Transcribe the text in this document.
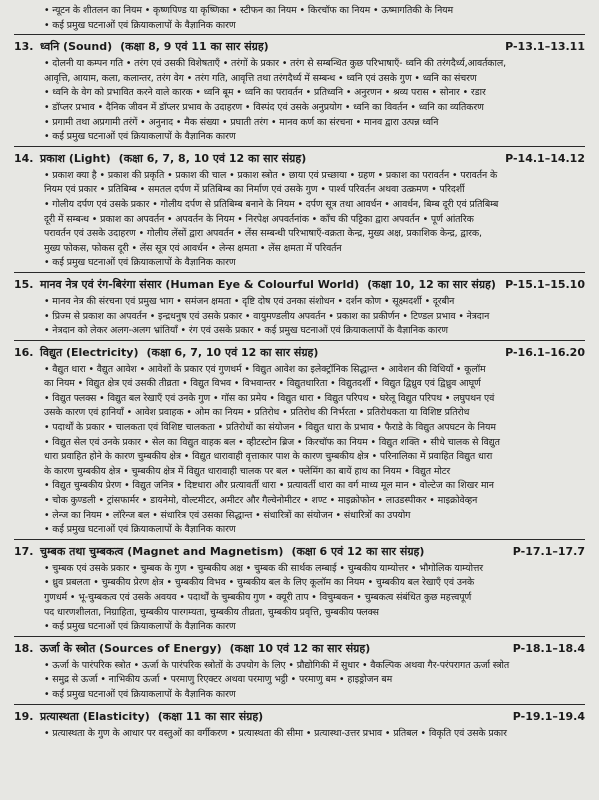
• न्यूटन के शीतलन का नियम • कृष्णपिण्ड या कृष्णिका • स्टीफन का नियम • किरचॉफ का नियम • ऊष्मागतिकी के नियम
• कई प्रमुख घटनाओं एवं क्रियाकलापों के वैज्ञानिक कारण
13. ध्वनि (Sound) (कक्षा 8, 9 एवं 11 का सार संग्रह)	P-13.1–13.11
• दोलनी या कम्पन गति • तरंग एवं उसकी विशेषताएँ • तरंगों के प्रकार • तरंग से सम्बन्धित कुछ परिभाषाएँ- ध्वनि की तरंगदैर्ध्य,आवर्तकाल,
आवृत्ति, आयाम, कला, कलान्तर, तरंग वेग • तरंग गति, आवृत्ति तथा तरंगदैर्ध्य में सम्बन्ध • ध्वनि एवं उसके गुण • ध्वनि का संचरण
• ध्वनि के वेग को प्रभावित करने वाले कारक • ध्वनि बूम • ध्वनि का परावर्तन • प्रतिध्वनि • अनुरणन • श्रव्य परास • सोनार • रडार
• डॉप्लर प्रभाव • दैनिक जीवन में डॉप्लर प्रभाव के उदाहरण • विस्पंद एवं उसके अनुप्रयोग • ध्वनि का विवर्तन • ध्वनि का व्यतिकरण
• प्रगामी तथा अप्रगामी तरंगें • अनुनाद • मैक संख्या • प्रघाती तरंग • मानव कर्ण का संरचना • मानव द्वारा उत्पन्न ध्वनि
• कई प्रमुख घटनाओं एवं क्रियाकलापों के वैज्ञानिक कारण
14. प्रकाश (Light) (कक्षा 6, 7, 8, 10 एवं 12 का सार संग्रह)	P-14.1–14.12
• प्रकाश क्या है • प्रकाश की प्रकृति • प्रकाश की चाल • प्रकाश स्त्रोत • छाया एवं प्रच्छाया • ग्रहण • प्रकाश का परावर्तन • परावर्तन के
नियम एवं प्रकार • प्रतिबिम्ब • समतल दर्पण में प्रतिबिम्ब का निर्माण एवं उसके गुण • पार्श्व परिवर्तन अथवा उत्क्रमण • परिदर्शी
• गोलीय दर्पण एवं उसके प्रकार • गोलीय दर्पण से प्रतिबिम्ब बनाने के नियम • दर्पण सूत्र तथा आवर्धन • आवर्धन, बिम्ब दूरी एवं प्रतिबिम्ब
दूरी में सम्बन्ध • प्रकाश का अपवर्तन • अपवर्तन के नियम • निरपेक्ष अपवर्तनांक • काँच की पट्टिका द्वारा अपवर्तन • पूर्ण आंतरिक
परावर्तन एवं उसके उदाहरण • गोलीय लेंसों द्वारा अपवर्तन • लेंस सम्बन्धी परिभाषाएँ-वक्रता केन्द्र, मुख्य अक्ष, प्रकाशिक केन्द्र, द्वारक,
मुख्य फोकस, फोकस दूरी • लेंस सूत्र एवं आवर्धन • लेन्स क्षमता • लेंस क्षमता में परिवर्तन
• कई प्रमुख घटनाओं एवं क्रियाकलापों के वैज्ञानिक कारण
15. मानव नेत्र एवं रंग-बिरंगा संसार (Human Eye & Colourful World) (कक्षा 10, 12 का सार संग्रह) P-15.1–15.10
• मानव नेत्र की संरचना एवं प्रमुख भाग • समंजन क्षमता • दृष्टि दोष एवं उनका संशोधन • दर्शन कोण • सूक्ष्मदर्शी • दूरबीन
• प्रिज्म से प्रकाश का अपवर्तन • इन्द्रधनुष एवं उसके प्रकार • वायुमण्डलीय अपवर्तन • प्रकाश का प्रकीर्णन • टिण्डल प्रभाव • नेत्रदान
• नेत्रदान को लेकर अलग-अलग भ्रांतियाँ • रंग एवं उसके प्रकार • कई प्रमुख घटनाओं एवं क्रियाकलापों के वैज्ञानिक कारण
16. विद्युत (Electricity) (कक्षा 6, 7, 10 एवं 12 का सार संग्रह)	P-16.1–16.20
• वैद्युत धारा • वैद्युत आवेश • आवेशों के प्रकार एवं गुणधर्म • विद्युत आवेश का इलेक्ट्रॉनिक सिद्धान्त • आवेशन की विधियाँ • कूलॉम
का नियम • विद्युत क्षेत्र एवं उसकी तीव्रता • विद्युत विभव • विभवान्तर • विद्युतधारिता • विद्युतदर्शी • विद्युत द्विध्रुव एवं द्विध्रुव आघूर्ण
• विद्युत फ्लक्स • विद्युत बल रेखाएँ एवं उनके गुण • गॉस का प्रमेय • विद्युत धारा • विद्युत परिपथ • घरेलू विद्युत परिपथ • लघुपथन एवं
उसके कारण एवं हानियाँ • आवेश प्रवाहक • ओम का नियम • प्रतिरोध • प्रतिरोध की निर्भरता • प्रतिरोधकता या विशिष्ट प्रतिरोध
• पदार्थों के प्रकार • चालकता एवं विशिष्ट चालकता • प्रतिरोधों का संयोजन • विद्युत धारा के प्रभाव • फैराडे के विद्युत अपघटन के नियम
• विद्युत सेल एवं उनके प्रकार • सेल का विद्युत वाहक बल • व्हीटस्टोन ब्रिज • किरचॉफ का नियम • विद्युत शक्ति • सीधे चालक से विद्युत
धारा प्रवाहित होने के कारण चुम्बकीय क्षेत्र • विद्युत धारावाही वृत्ताकार पाश के कारण चुम्बकीय क्षेत्र • परिनालिका में प्रवाहित विद्युत धारा
के कारण चुम्बकीय क्षेत्र • चुम्बकीय क्षेत्र में विद्युत धारावाही चालक पर बल • फ्लेमिंग का बायें हाथ का नियम • विद्युत मोटर
• विद्युत चुम्बकीय प्रेरण • विद्युत जनित्र • दिष्टधारा और प्रत्यावर्ती धारा • प्रत्यावर्ती धारा का वर्ग माध्य मूल मान • वोल्टेज का शिखर मान
• चोक कुण्डली • ट्रांसफार्मर • डायनेमो, वोल्टमीटर, अमीटर और गैल्वेनोमीटर • शण्ट • माइक्रोफोन • लाउडस्पीकर • माइक्रोवेव्हन
• लेन्ज का नियम • लॉरेन्ज बल • संधारित्र एवं उसका सिद्धान्त • संधारित्रों का संयोजन • संधारित्रों का उपयोग
• कई प्रमुख घटनाओं एवं क्रियाकलापों के वैज्ञानिक कारण
17. चुम्बक तथा चुम्बकत्व (Magnet and Magnetism) (कक्षा 6 एवं 12 का सार संग्रह)	P-17.1–17.7
• चुम्बक एवं उसके प्रकार • चुम्बक के गुण • चुम्बकीय अक्ष • चुम्बक की सार्थक लम्बाई • चुम्बकीय याम्योत्तर • भौगोलिक याम्योत्तर
• ध्रुव प्रबलता • चुम्बकीय प्रेरण क्षेत्र • चुम्बकीय विभव • चुम्बकीय बल के लिए कूलॉम का नियम • चुम्बकीय बल रेखाएँ एवं उनके
गुणधर्म • भू-चुम्बकत्व एवं उसके अवयव • पदार्थों के चुम्बकीय गुण • क्यूरी ताप • विचुम्बकन • चुम्बकत्व संबंधित कुछ महत्त्वपूर्ण
पद धारणशीलता, निग्राहिता, चुम्बकीय पारगम्यता, चुम्बकीय तीव्रता, चुम्बकीय प्रवृत्ति, चुम्बकीय फ्लक्स
• कई प्रमुख घटनाओं एवं क्रियाकलापों के वैज्ञानिक कारण
18. ऊर्जा के स्त्रोत (Sources of Energy) (कक्षा 10 एवं 12 का सार संग्रह)	P-18.1–18.4
• ऊर्जा के पारंपरिक स्त्रोत • ऊर्जा के पारंपरिक स्त्रोतों के उपयोग के लिए • प्रौद्योगिकी में सुधार • वैकल्पिक अथवा गैर-परंपरागत ऊर्जा स्त्रोत
• समुद्र से ऊर्जा • नाभिकीय ऊर्जा • परमाणु रिएक्टर अथवा परमाणु भट्ठी • परमाणु बम • हाइड्रोजन बम
• कई प्रमुख घटनाओं एवं क्रियाकलापों के वैज्ञानिक कारण
19. प्रत्यास्थता (Elasticity) (कक्षा 11 का सार संग्रह)	P-19.1–19.4
• प्रत्यास्थता के गुण के आधार पर वस्तुओं का वर्गीकरण • प्रत्यास्थता की सीमा • प्रत्यास्था-उत्तर प्रभाव • प्रतिबल • विकृति एवं उसके प्रकार
